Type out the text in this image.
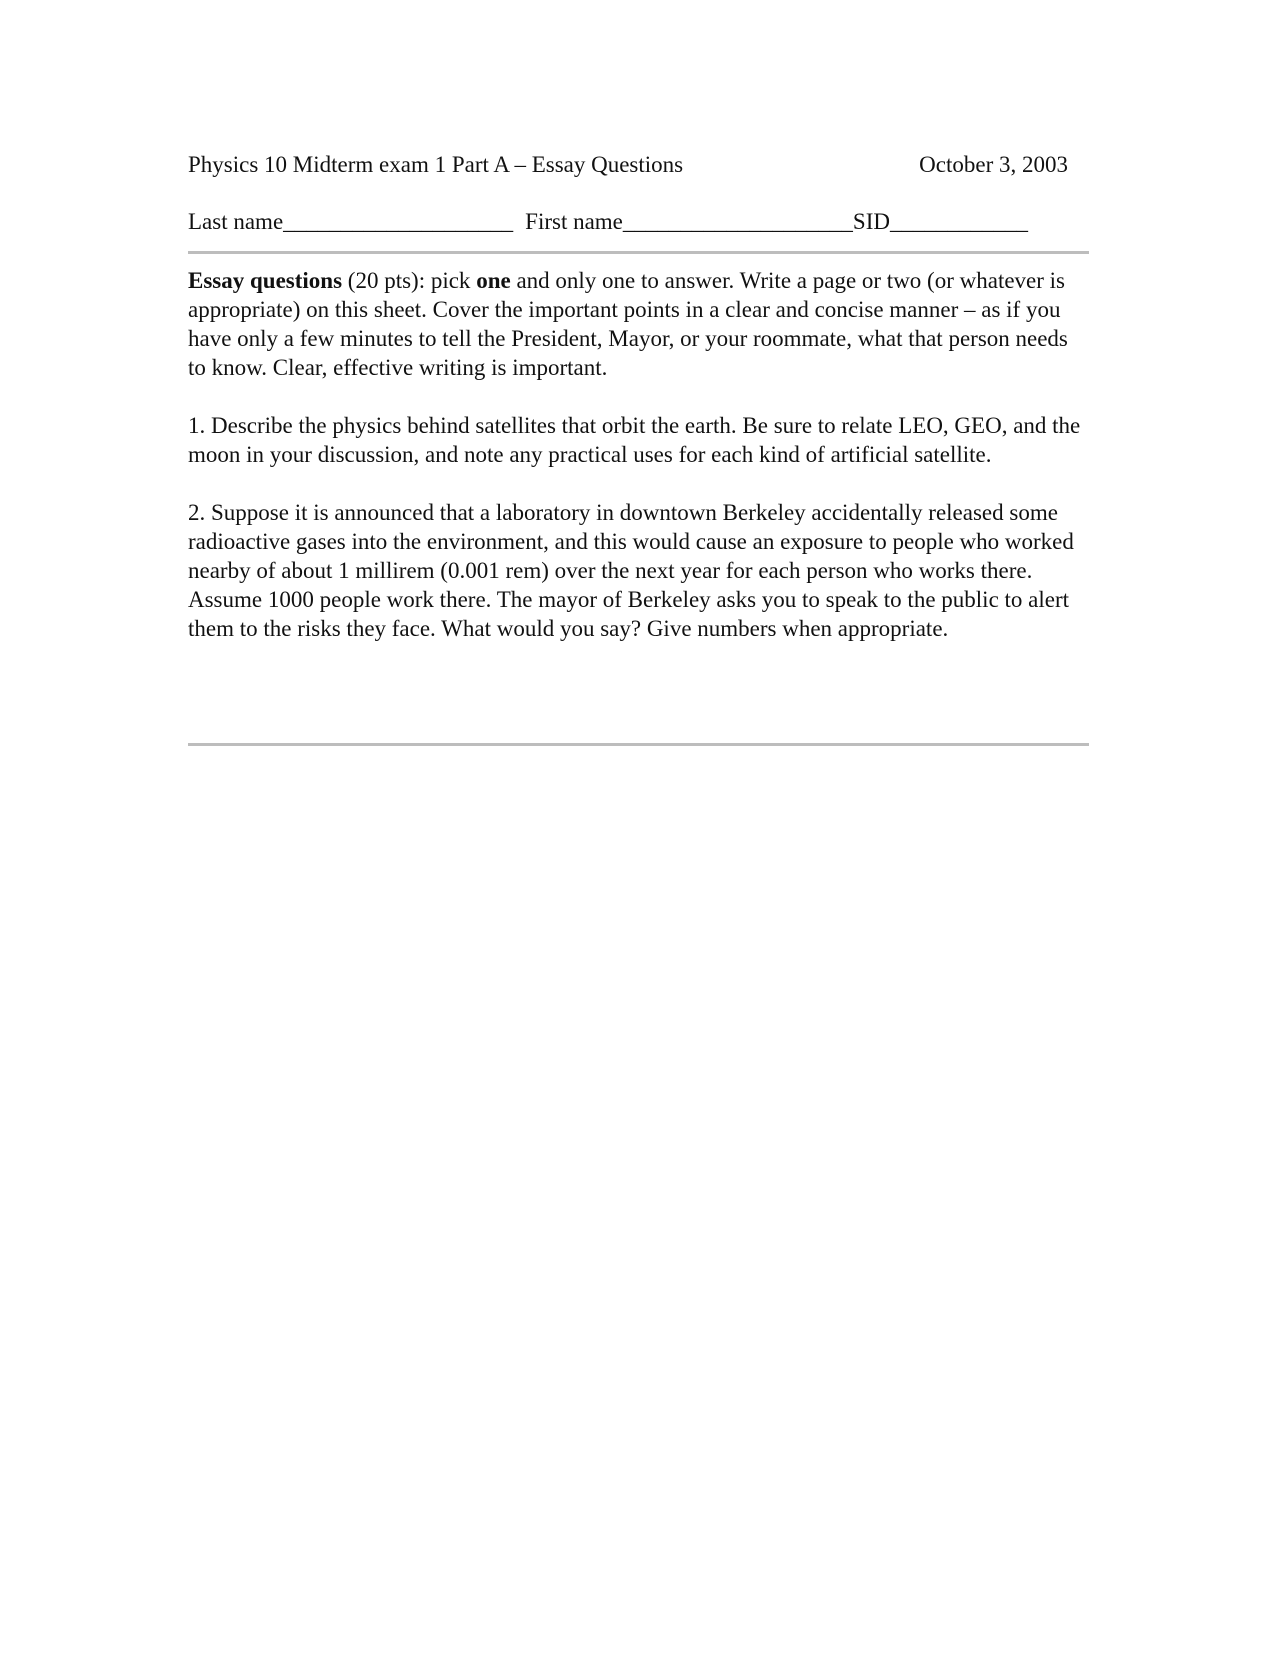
Physics 10 Midterm exam 1 Part A – Essay Questions	October 3, 2003
Last name____________________ First name____________________SID____________

Essay questions (20 pts): pick one and only one to answer. Write a page or two (or whatever is appropriate) on this sheet. Cover the important points in a clear and concise manner – as if you have only a few minutes to tell the President, Mayor, or your roommate, what that person needs to know. Clear, effective writing is important.

1. Describe the physics behind satellites that orbit the earth. Be sure to relate LEO, GEO, and the moon in your discussion, and note any practical uses for each kind of artificial satellite.

2. Suppose it is announced that a laboratory in downtown Berkeley accidentally released some radioactive gases into the environment, and this would cause an exposure to people who worked nearby of about 1 millirem (0.001 rem) over the next year for each person who works there. Assume 1000 people work there. The mayor of Berkeley asks you to speak to the public to alert them to the risks they face. What would you say? Give numbers when appropriate.
